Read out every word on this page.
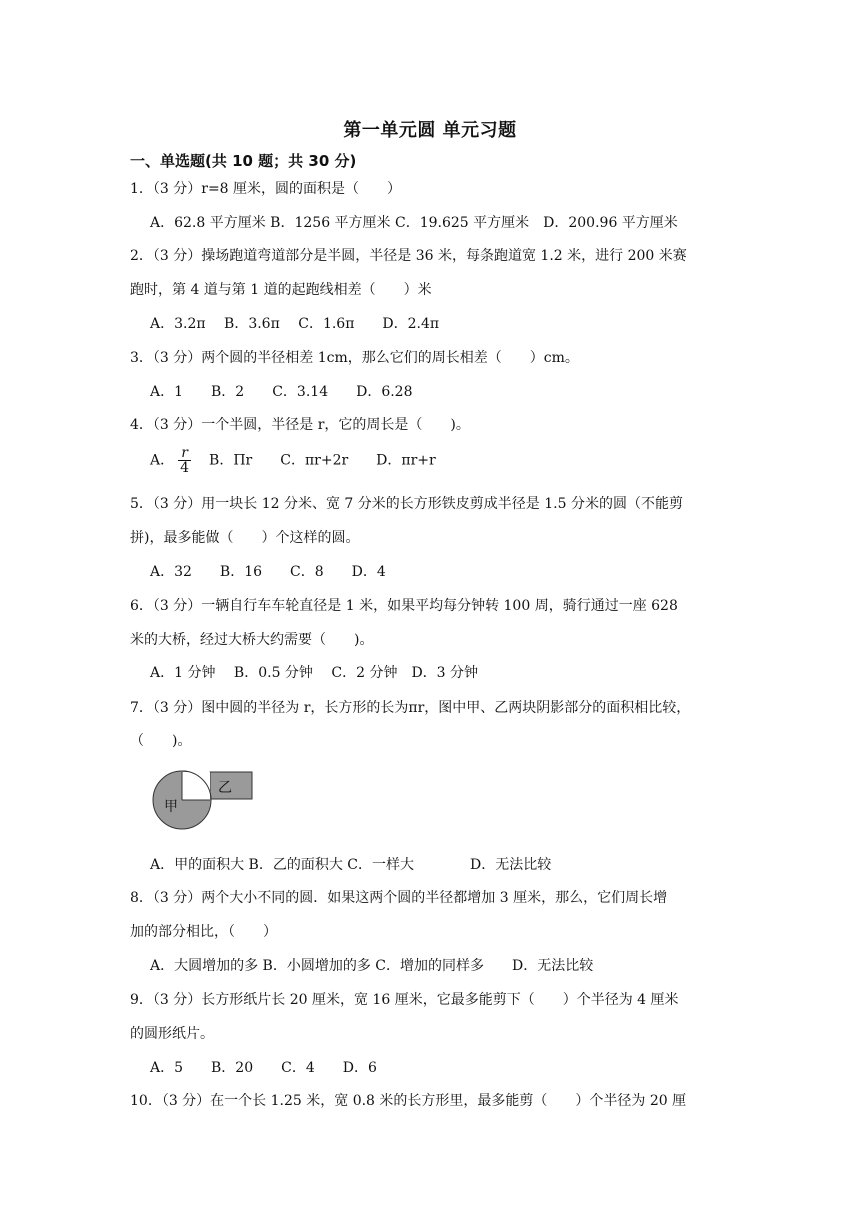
第一单元圆 单元习题
一、单选题(共 10 题；共 30 分)
1．（3 分）r=8 厘米，圆的面积是（　　）
A．62.8 平方厘米 B．1256 平方厘米 C．19.625 平方厘米　D．200.96 平方厘米
2．（3 分）操场跑道弯道部分是半圆，半径是 36 米，每条跑道宽 1.2 米，进行 200 米赛
跑时，第 4 道与第 1 道的起跑线相差（　　）米
A．3.2π　 B．3.6π　 C．1.6π　　D．2.4π
3．（3 分）两个圆的半径相差 1cm，那么它们的周长相差（　　）cm。
A．1　　B．2　　C．3.14　　D．6.28
4．（3 分）一个半圆，半径是 r，它的周长是（　　)。
A． $\frac{r}{4}$ 　B．Πr　　C．πr+2r　　D．πr+r
5．（3 分）用一块长 12 分米、宽 7 分米的长方形铁皮剪成半径是 1.5 分米的圆（不能剪
拼)，最多能做（　　）个这样的圆。
A．32　　B．16　　C．8　　D．4
6．（3 分）一辆自行车车轮直径是 1 米，如果平均每分钟转 100 周，骑行通过一座 628
米的大桥，经过大桥大约需要（　　)。
A．1 分钟　 B．0.5 分钟　 C．2 分钟　D．3 分钟
7．（3 分）图中圆的半径为 r，长方形的长为πr，图中甲、乙两块阴影部分的面积相比较，
（　　)。
甲
乙
A．甲的面积大 B．乙的面积大 C．一样大　　　　D．无法比较
8．（3 分）两个大小不同的圆．如果这两个圆的半径都增加 3 厘米，那么，它们周长增
加的部分相比，（　　）
A．大圆增加的多 B．小圆增加的多 C．增加的同样多　　D．无法比较
9．（3 分）长方形纸片长 20 厘米，宽 16 厘米，它最多能剪下（　　）个半径为 4 厘米
的圆形纸片。
A．5　　B．20　　C．4　　D．6
10．（3 分）在一个长 1.25 米，宽 0.8 米的长方形里，最多能剪（　　）个半径为 20 厘
